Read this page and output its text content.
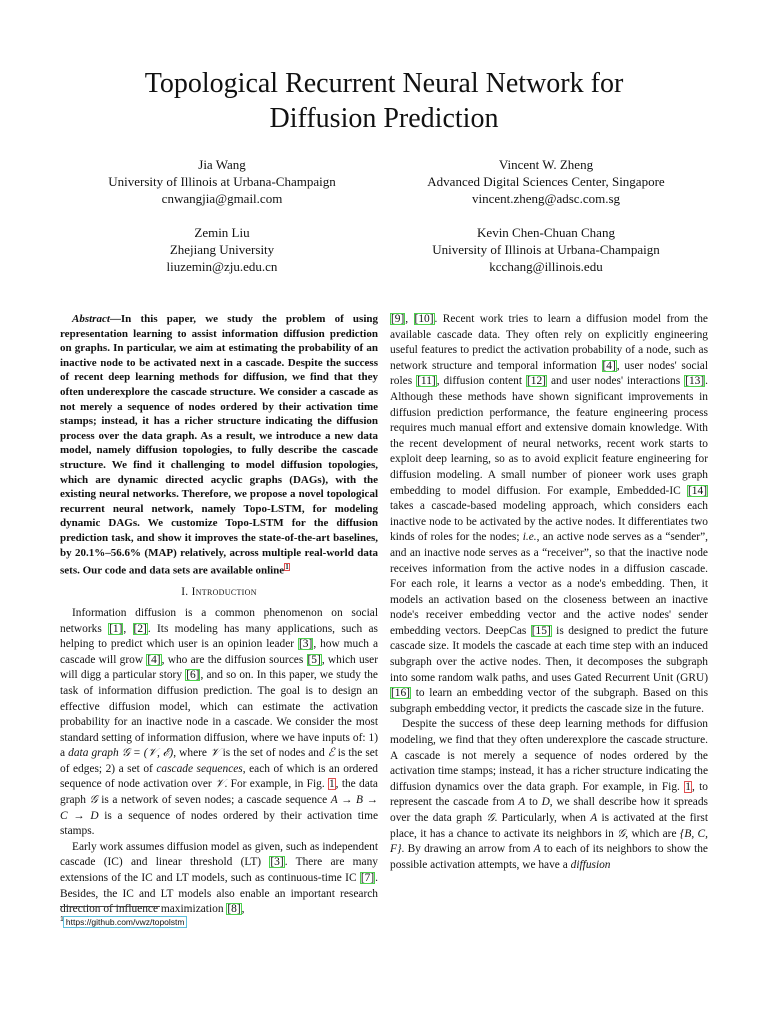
Topological Recurrent Neural Network for
Diffusion Prediction
Jia Wang
University of Illinois at Urbana-Champaign
cnwangjia@gmail.com
Vincent W. Zheng
Advanced Digital Sciences Center, Singapore
vincent.zheng@adsc.com.sg
Zemin Liu
Zhejiang University
liuzemin@zju.edu.cn
Kevin Chen-Chuan Chang
University of Illinois at Urbana-Champaign
kcchang@illinois.edu

Abstract—In this paper, we study the problem of using representation learning to assist information diffusion prediction on graphs. In particular, we aim at estimating the probability of an inactive node to be activated next in a cascade. Despite the success of recent deep learning methods for diffusion, we find that they often underexplore the cascade structure. We consider a cascade as not merely a sequence of nodes ordered by their activation time stamps; instead, it has a richer structure indicating the diffusion process over the data graph. As a result, we introduce a new data model, namely diffusion topologies, to fully describe the cascade structure. We find it challenging to model diffusion topologies, which are dynamic directed acyclic graphs (DAGs), with the existing neural networks. Therefore, we propose a novel topological recurrent neural network, namely Topo-LSTM, for modeling dynamic DAGs. We customize Topo-LSTM for the diffusion prediction task, and show it improves the state-of-the-art baselines, by 20.1%–56.6% (MAP) relatively, across multiple real-world data sets. Our code and data sets are available online$^1$

I. Introduction

Information diffusion is a common phenomenon on social networks [1], [2]. Its modeling has many applications, such as helping to predict which user is an opinion leader [3], how much a cascade will grow [4], who are the diffusion sources [5], which user will digg a particular story [6], and so on. In this paper, we study the task of information diffusion prediction. The goal is to design an effective diffusion model, which can estimate the activation probability for an inactive node in a cascade. We consider the most standard setting of information diffusion, where we have inputs of: 1) a data graph 𝒢 = (𝒱, ℰ), where 𝒱 is the set of nodes and ℰ is the set of edges; 2) a set of cascade sequences, each of which is an ordered sequence of node activation over 𝒱. For example, in Fig. 1, the data graph 𝒢 is a network of seven nodes; a cascade sequence A → B → C → D is a sequence of nodes ordered by their activation time stamps.

Early work assumes diffusion model as given, such as independent cascade (IC) and linear threshold (LT) [3]. There are many extensions of the IC and LT models, such as continuous-time IC [7]. Besides, the IC and LT models also enable an important research direction of influence maximization [8],

[9], [10]. Recent work tries to learn a diffusion model from the available cascade data. They often rely on explicitly engineering useful features to predict the activation probability of a node, such as network structure and temporal information [4], user nodes' social roles [11], diffusion content [12] and user nodes' interactions [13]. Although these methods have shown significant improvements in diffusion prediction performance, the feature engineering process requires much manual effort and extensive domain knowledge. With the recent development of neural networks, recent work starts to exploit deep learning, so as to avoid explicit feature engineering for diffusion modeling. A small number of pioneer work uses graph embedding to model diffusion. For example, Embedded-IC [14] takes a cascade-based modeling approach, which considers each inactive node to be activated by the active nodes. It differentiates two kinds of roles for the nodes; i.e., an active node serves as a “sender”, and an inactive node serves as a “receiver”, so that the inactive node receives information from the active nodes in a diffusion cascade. For each role, it learns a vector as a node's embedding. Then, it models an activation based on the closeness between an inactive node's receiver embedding vector and the active nodes' sender embedding vectors. DeepCas [15] is designed to predict the future cascade size. It models the cascade at each time step with an induced subgraph over the active nodes. Then, it decomposes the subgraph into some random walk paths, and uses Gated Recurrent Unit (GRU) [16] to learn an embedding vector of the subgraph. Based on this subgraph embedding vector, it predicts the cascade size in the future.

Despite the success of these deep learning methods for diffusion modeling, we find that they often underexplore the cascade structure. A cascade is not merely a sequence of nodes ordered by the activation time stamps; instead, it has a richer structure indicating the diffusion dynamics over the data graph. For example, in Fig. 1, to represent the cascade from A to D, we shall describe how it spreads over the data graph 𝒢. Particularly, when A is activated at the first place, it has a chance to activate its neighbors in 𝒢, which are {B, C, F}. By drawing an arrow from A to each of its neighbors to show the possible activation attempts, we have a diffusion

$^1$ https://github.com/vwz/topolstm
